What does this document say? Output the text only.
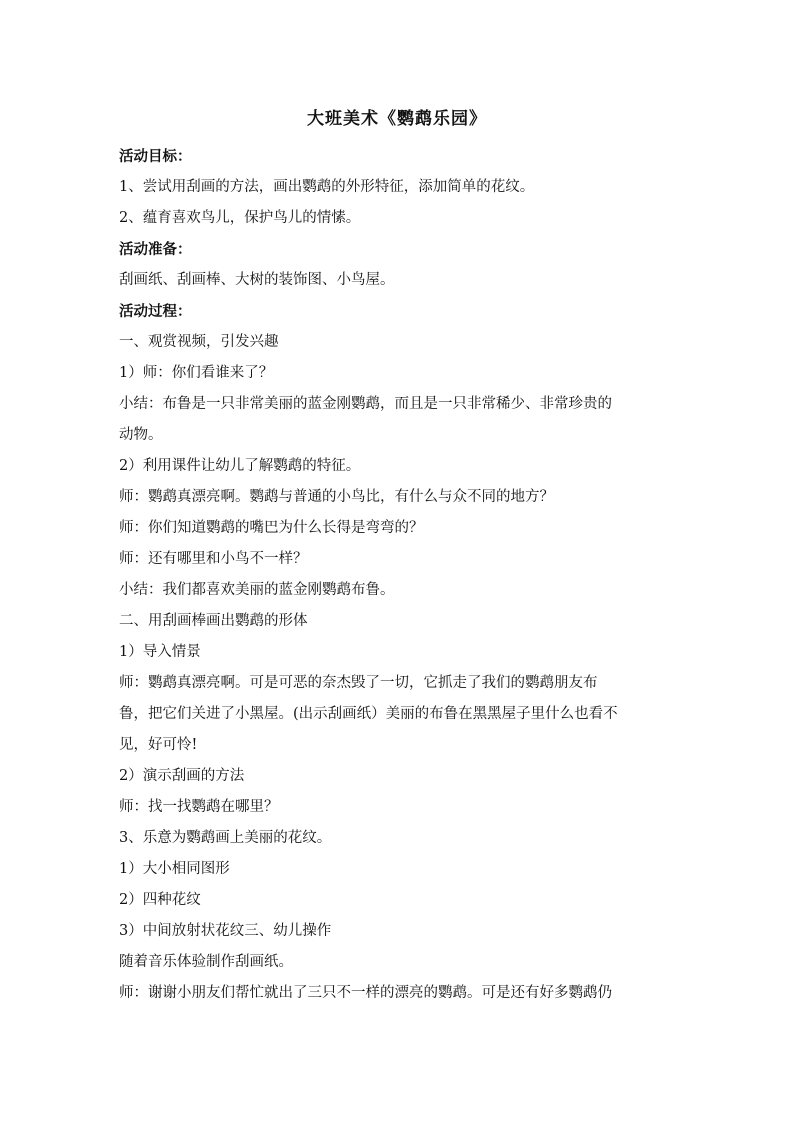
大班美术《鹦鹉乐园》
活动目标：
1、尝试用刮画的方法，画出鹦鹉的外形特征，添加简单的花纹。
2、蕴育喜欢鸟儿，保护鸟儿的情愫。
活动准备：
刮画纸、刮画棒、大树的装饰图、小鸟屋。
活动过程：
一、观赏视频，引发兴趣
1）师：你们看谁来了？
小结：布鲁是一只非常美丽的蓝金刚鹦鹉，而且是一只非常稀少、非常珍贵的
动物。
2）利用课件让幼儿了解鹦鹉的特征。
师：鹦鹉真漂亮啊。鹦鹉与普通的小鸟比，有什么与众不同的地方？
师：你们知道鹦鹉的嘴巴为什么长得是弯弯的？
师：还有哪里和小鸟不一样？
小结：我们都喜欢美丽的蓝金刚鹦鹉布鲁。
二、用刮画棒画出鹦鹉的形体
1）导入情景
师：鹦鹉真漂亮啊。可是可恶的奈杰毁了一切，它抓走了我们的鹦鹉朋友布
鲁，把它们关进了小黑屋。(出示刮画纸）美丽的布鲁在黑黑屋子里什么也看不
见，好可怜!
2）演示刮画的方法
师：找一找鹦鹉在哪里？
3、乐意为鹦鹉画上美丽的花纹。
1）大小相同图形
2）四种花纹
3）中间放射状花纹三、幼儿操作
随着音乐体验制作刮画纸。
师：谢谢小朋友们帮忙就出了三只不一样的漂亮的鹦鹉。可是还有好多鹦鹉仍
